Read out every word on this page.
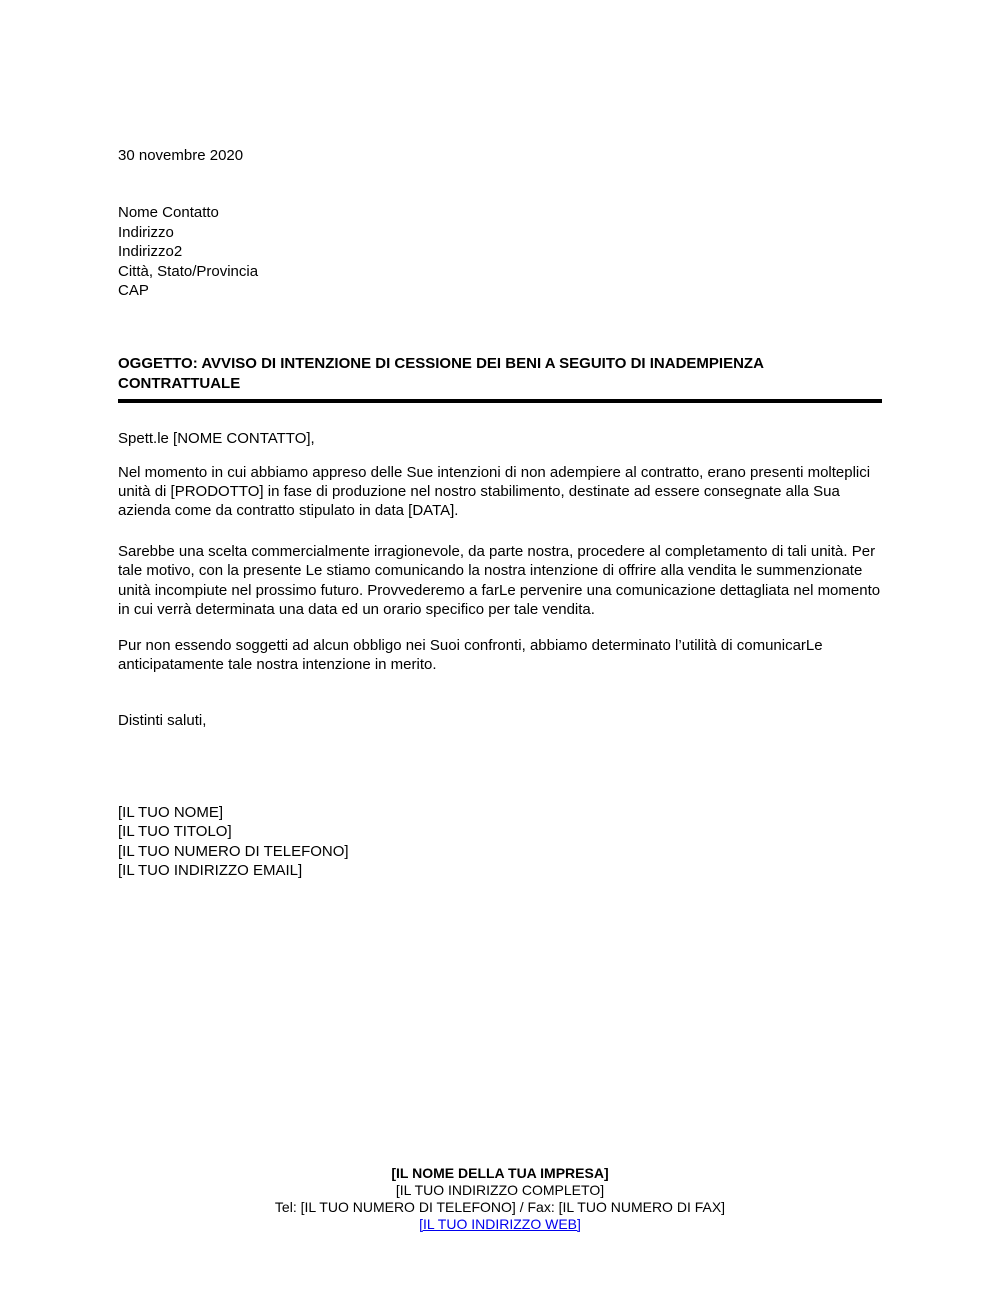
30 novembre 2020
Nome Contatto
Indirizzo
Indirizzo2
Città, Stato/Provincia
CAP
OGGETTO: AVVISO DI INTENZIONE DI CESSIONE DEI BENI A SEGUITO DI INADEMPIENZA CONTRATTUALE
Spett.le [NOME CONTATTO],

Nel momento in cui abbiamo appreso delle Sue intenzioni di non adempiere al contratto, erano presenti molteplici unità di [PRODOTTO] in fase di produzione nel nostro stabilimento, destinate ad essere consegnate alla Sua azienda come da contratto stipulato in data [DATA].

Sarebbe una scelta commercialmente irragionevole, da parte nostra, procedere al completamento di tali unità. Per tale motivo, con la presente Le stiamo comunicando la nostra intenzione di offrire alla vendita le summenzionate unità incompiute nel prossimo futuro. Provvederemo a farLe pervenire una comunicazione dettagliata nel momento in cui verrà determinata una data ed un orario specifico per tale vendita.

Pur non essendo soggetti ad alcun obbligo nei Suoi confronti, abbiamo determinato l’utilità di comunicarLe anticipatamente tale nostra intenzione in merito.

Distinti saluti,
[IL TUO NOME]
[IL TUO TITOLO]
[IL TUO NUMERO DI TELEFONO]
[IL TUO INDIRIZZO EMAIL]
[IL NOME DELLA TUA IMPRESA]
[IL TUO INDIRIZZO COMPLETO]
Tel: [IL TUO NUMERO DI TELEFONO] / Fax: [IL TUO NUMERO DI FAX]
[IL TUO INDIRIZZO WEB]
